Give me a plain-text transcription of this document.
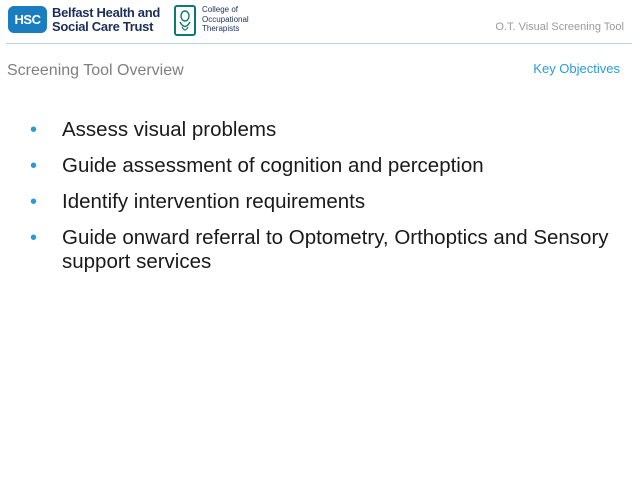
HSC Belfast Health and Social Care Trust
College of Occupational Therapists	O.T. Visual Screening Tool
Screening Tool Overview	Key Objectives
• Assess visual problems
• Guide assessment of cognition and perception
• Identify intervention requirements
• Guide onward referral to Optometry, Orthoptics and Sensory support services
